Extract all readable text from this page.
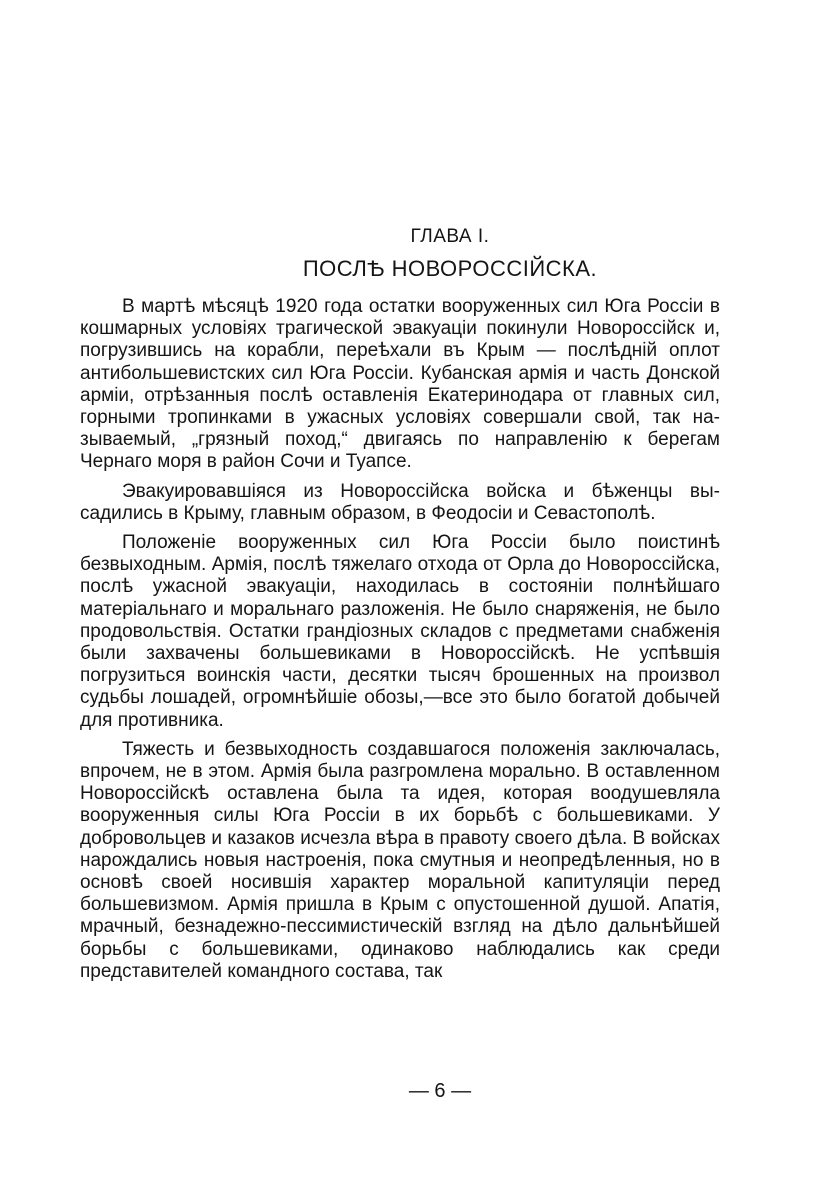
ГЛАВА I.
ПОСЛѢ НОВОРОССІЙСКА.

В мартѣ мѣсяцѣ 1920 года остатки вооруженных сил Юга Россіи в кошмарных условіях трагической эвакуаціи покинули Новороссійск и, погрузившись на корабли, переѣхали въ Крым — послѣдній оплот антибольшевистских сил Юга Россіи. Кубанская армія и часть Донской арміи, отрѣзанныя послѣ оставленія Екатеринодара от главных сил, горными тропинками в ужасных условіях совершали свой, так называемый, „грязный поход,“ двигаясь по направленію к берегам Чернаго моря в район Сочи и Туапсе.

Эвакуировавшіяся из Новороссійска войска и бѣженцы высадились в Крыму, главным образом, в Феодосіи и Севастополѣ.

Положеніе вооруженных сил Юга Россіи было поистинѣ безвыходным. Армія, послѣ тяжелаго отхода от Орла до Новороссійска, послѣ ужасной эвакуаціи, находилась в состояніи полнѣйшаго матеріальнаго и моральнаго разложенія. Не было снаряженія, не было продовольствія. Остатки грандіозных складов с предметами снабженія были захвачены большевиками в Новороссійскѣ. Не успѣвшія погрузиться воинскія части, десятки тысяч брошенных на произвол судьбы лошадей, огромнѣйшіе обозы,—все это было богатой добычей для противника.

Тяжесть и безвыходность создавшагося положенія заключалась, впрочем, не в этом. Армія была разгромлена морально. В оставленном Новороссійскѣ оставлена была та идея, которая воодушевляла вооруженныя силы Юга Россіи в их борьбѣ с большевиками. У добровольцев и казаков исчезла вѣра в правоту своего дѣла. В войсках нарождались новыя настроенія, пока смутныя и неопредѣленныя, но в основѣ своей носившія характер моральной капитуляціи перед большевизмом. Армія пришла в Крым с опустошенной душой. Апатія, мрачный, безнадежно-пессимистическій взгляд на дѣло дальнѣйшей борьбы с большевиками, одинаково наблюдались как среди представителей командного состава, так

— 6 —
